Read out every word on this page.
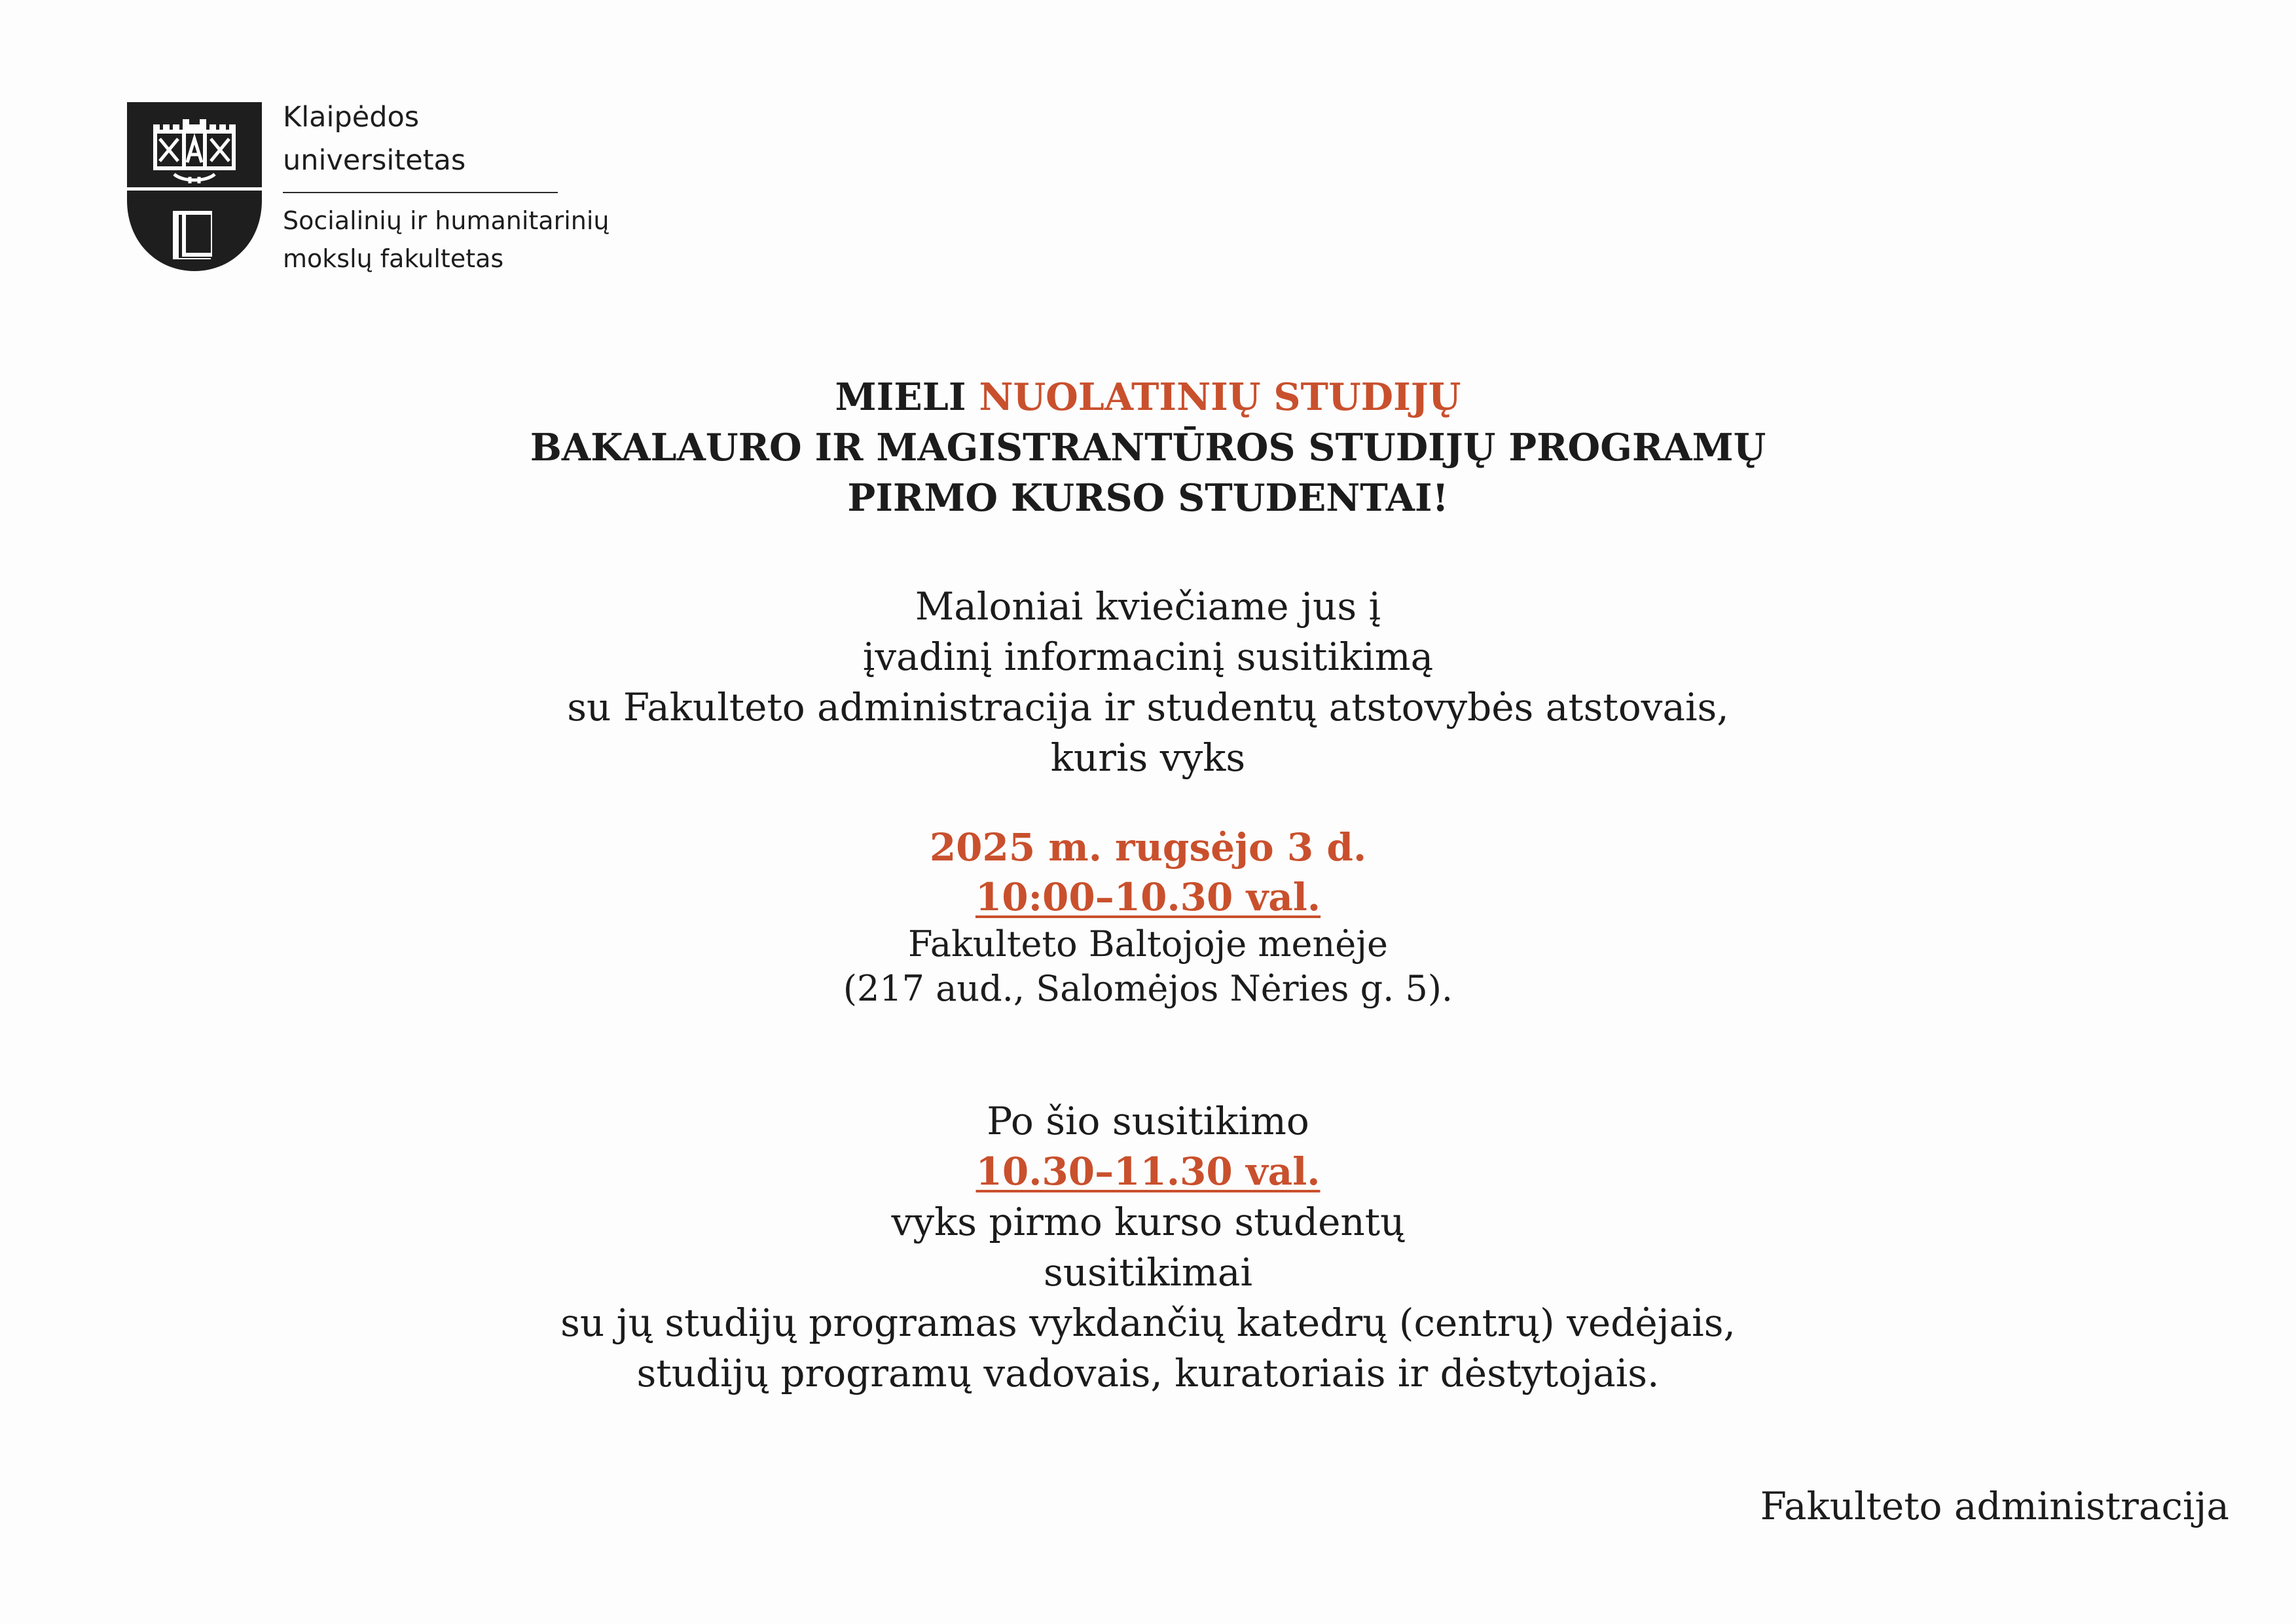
Klaipėdos
universitetas
Socialinių ir humanitarinių
mokslų fakultetas
MIELI NUOLATINIŲ STUDIJŲ
BAKALAURO IR MAGISTRANTŪROS STUDIJŲ PROGRAMŲ
PIRMO KURSO STUDENTAI!
Maloniai kviečiame jus į
įvadinį informacinį susitikimą
su Fakulteto administracija ir studentų atstovybės atstovais,
kuris vyks
2025 m. rugsėjo 3 d.
10:00–10.30 val.
Fakulteto Baltojoje menėje
(217 aud., Salomėjos Nėries g. 5).
Po šio susitikimo
10.30–11.30 val.
vyks pirmo kurso studentų
susitikimai
su jų studijų programas vykdančių katedrų (centrų) vedėjais,
studijų programų vadovais, kuratoriais ir dėstytojais.
Fakulteto administracija
